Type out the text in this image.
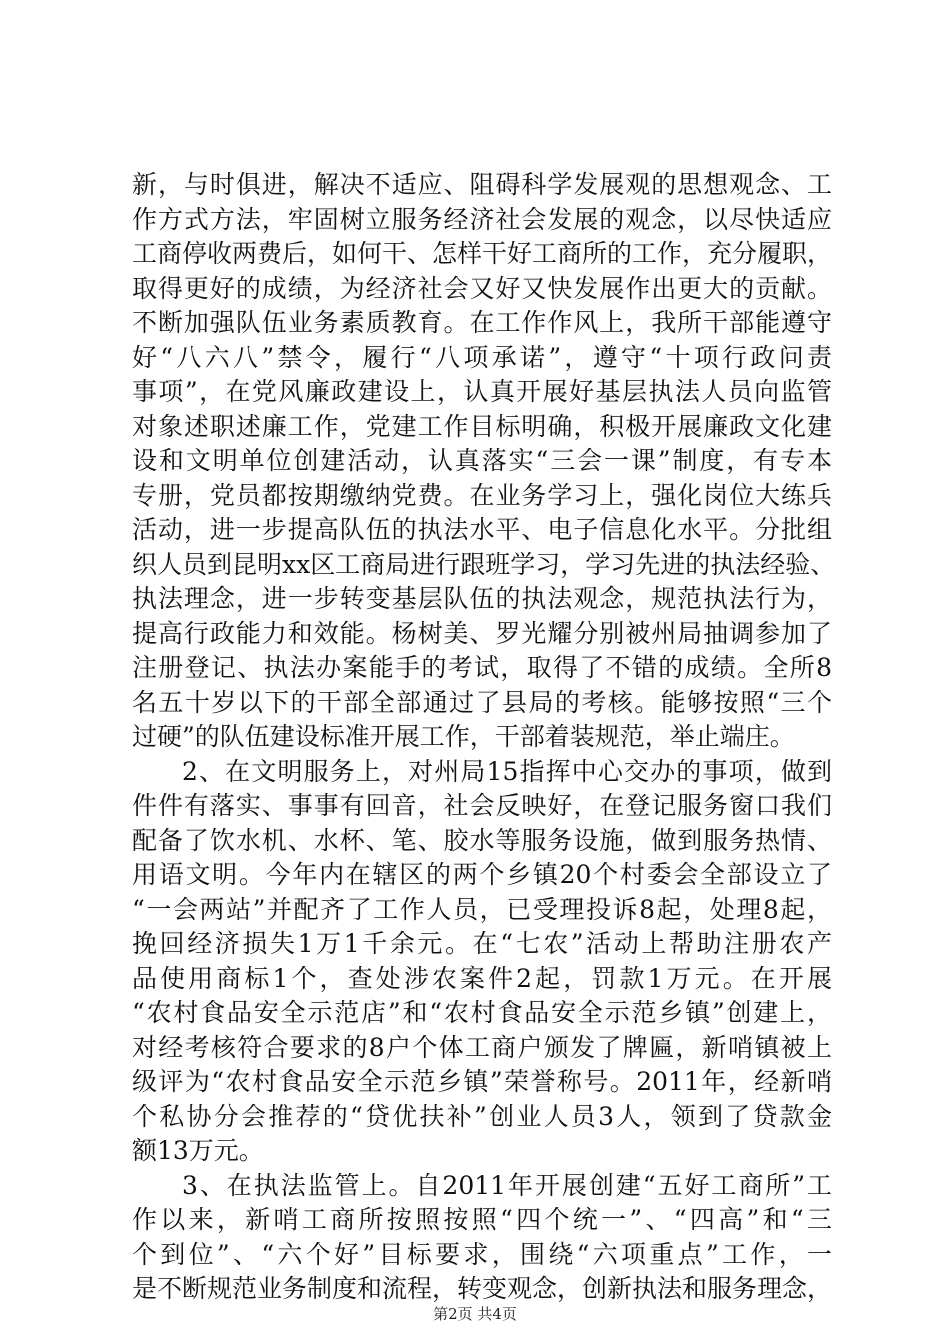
新，与时俱进，解决不适应、阻碍科学发展观的思想观念、工
作方式方法，牢固树立服务经济社会发展的观念，以尽快适应
工商停收两费后，如何干、怎样干好工商所的工作，充分履职，
取得更好的成绩，为经济社会又好又快发展作出更大的贡献。
不断加强队伍业务素质教育。在工作作风上，我所干部能遵守
好“八六八”禁令，履行“八项承诺”，遵守“十项行政问责
事项”，在党风廉政建设上，认真开展好基层执法人员向监管
对象述职述廉工作，党建工作目标明确，积极开展廉政文化建
设和文明单位创建活动，认真落实“三会一课”制度，有专本
专册，党员都按期缴纳党费。在业务学习上，强化岗位大练兵
活动，进一步提高队伍的执法水平、电子信息化水平。分批组
织人员到昆明xx区工商局进行跟班学习，学习先进的执法经验、
执法理念，进一步转变基层队伍的执法观念，规范执法行为，
提高行政能力和效能。杨树美、罗光耀分别被州局抽调参加了
注册登记、执法办案能手的考试，取得了不错的成绩。全所8
名五十岁以下的干部全部通过了县局的考核。能够按照“三个
过硬”的队伍建设标准开展工作，干部着装规范，举止端庄。
2、在文明服务上，对州局15指挥中心交办的事项，做到
件件有落实、事事有回音，社会反映好，在登记服务窗口我们
配备了饮水机、水杯、笔、胶水等服务设施，做到服务热情、
用语文明。今年内在辖区的两个乡镇20个村委会全部设立了
“一会两站”并配齐了工作人员，已受理投诉8起，处理8起，
挽回经济损失1万1千余元。在“七农”活动上帮助注册农产
品使用商标1个，查处涉农案件2起，罚款1万元。在开展
“农村食品安全示范店”和“农村食品安全示范乡镇”创建上，
对经考核符合要求的8户个体工商户颁发了牌匾，新哨镇被上
级评为“农村食品安全示范乡镇”荣誉称号。2011年，经新哨
个私协分会推荐的“贷优扶补”创业人员3人，领到了贷款金
额13万元。
3、在执法监管上。自2011年开展创建“五好工商所”工
作以来，新哨工商所按照按照“四个统一”、“四高”和“三
个到位”、“六个好”目标要求，围绕“六项重点”工作，一
是不断规范业务制度和流程，转变观念，创新执法和服务理念，
第2页 共4页
